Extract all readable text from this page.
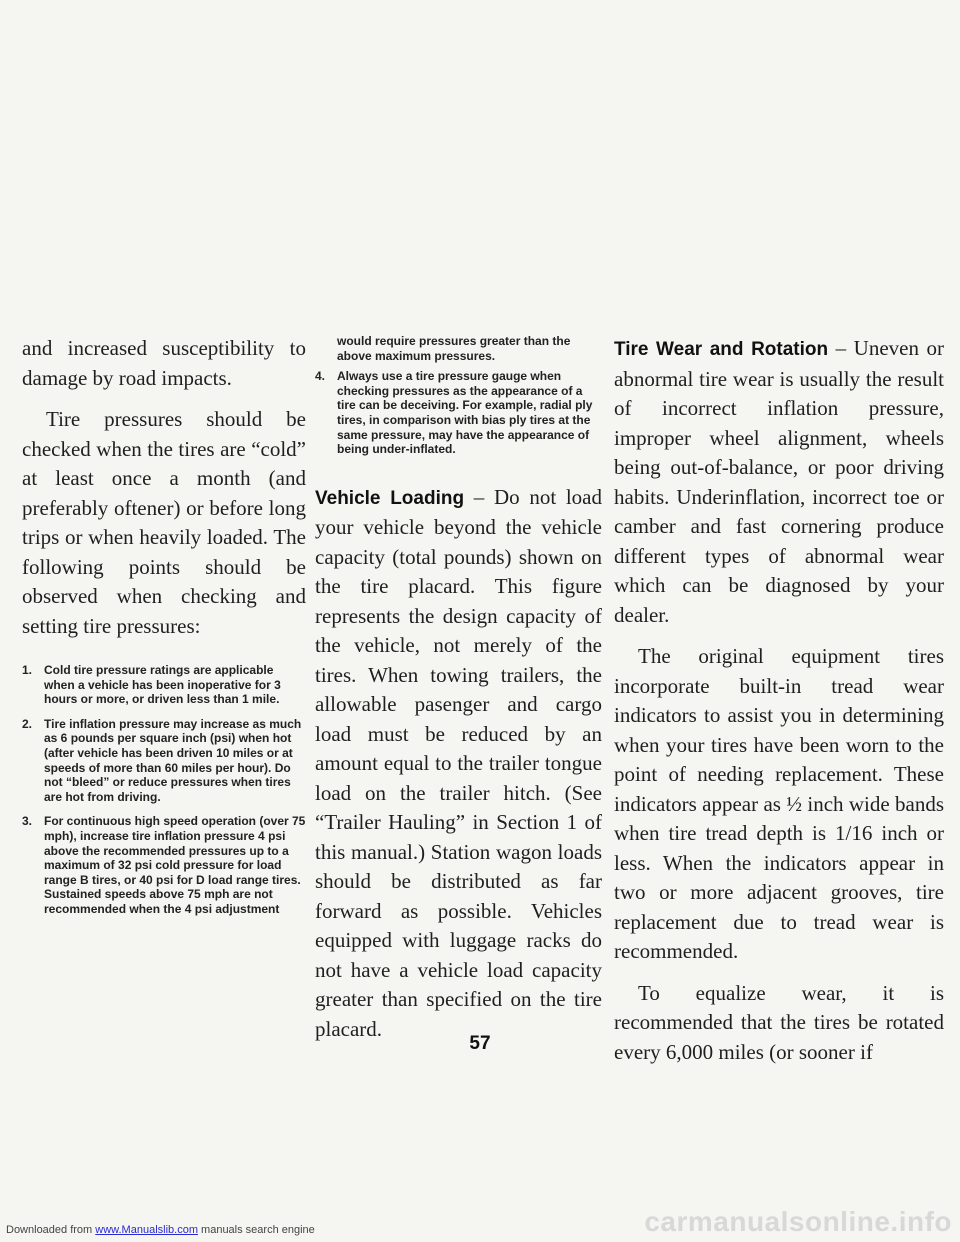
and increased susceptibility to damage by road impacts.

Tire pressures should be checked when the tires are “cold” at least once a month (and preferably oftener) or before long trips or when heavily loaded. The following points should be observed when checking and setting tire pressures:

1. Cold tire pressure ratings are applicable when a vehicle has been inoperative for 3 hours or more, or driven less than 1 mile.
2. Tire inflation pressure may increase as much as 6 pounds per square inch (psi) when hot (after vehicle has been driven 10 miles or at speeds of more than 60 miles per hour). Do not “bleed” or reduce pressures when tires are hot from driving.
3. For continuous high speed operation (over 75 mph), increase tire inflation pressure 4 psi above the recommended pressures up to a maximum of 32 psi cold pressure for load range B tires, or 40 psi for D load range tires. Sustained speeds above 75 mph are not recommended when the 4 psi adjustment

would require pressures greater than the above maximum pressures.

4. Always use a tire pressure gauge when checking pressures as the appearance of a tire can be deceiving. For example, radial ply tires, in comparison with bias ply tires at the same pressure, may have the appearance of being under-inflated.

Vehicle Loading – Do not load your vehicle beyond the vehicle capacity (total pounds) shown on the tire placard. This figure represents the design capacity of the vehicle, not merely of the tires. When towing trailers, the allowable pasenger and cargo load must be reduced by an amount equal to the trailer tongue load on the trailer hitch. (See “Trailer Hauling” in Section 1 of this manual.) Station wagon loads should be distributed as far forward as possible. Vehicles equipped with luggage racks do not have a vehicle load capacity greater than specified on the tire placard.

Tire Wear and Rotation – Uneven or abnormal tire wear is usually the result of incorrect inflation pressure, improper wheel alignment, wheels being out-of-balance, or poor driving habits. Underinflation, incorrect toe or camber and fast cornering produce different types of abnormal wear which can be diagnosed by your dealer.

The original equipment tires incorporate built-in tread wear indicators to assist you in determining when your tires have been worn to the point of needing replacement. These indicators appear as ½ inch wide bands when tire tread depth is 1/16 inch or less. When the indicators appear in two or more adjacent grooves, tire replacement due to tread wear is recommended.

To equalize wear, it is recommended that the tires be rotated every 6,000 miles (or sooner if

57
Downloaded from www.Manualslib.com manuals search engine	carmanualsonline.info
